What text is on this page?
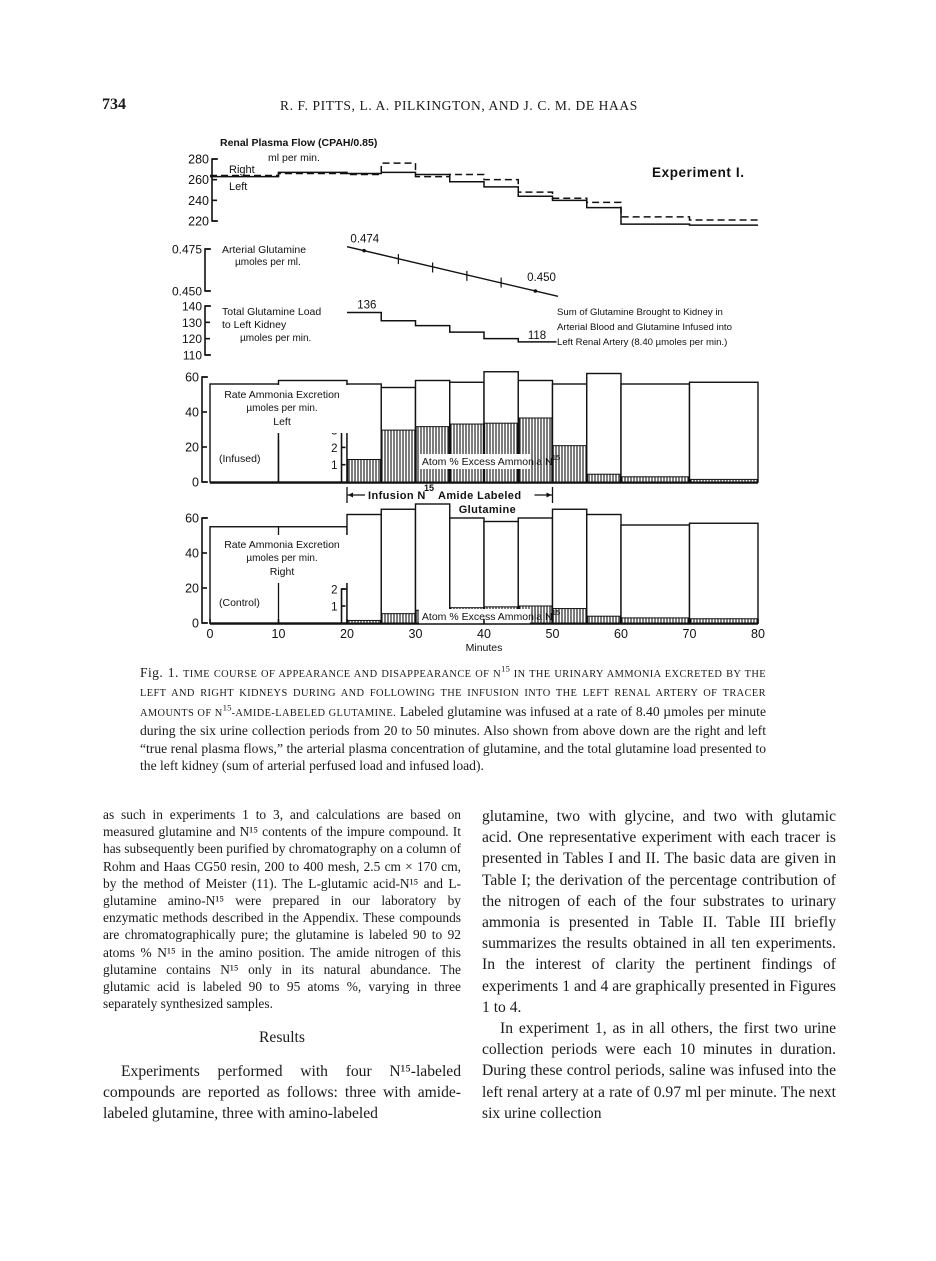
734	R. F. PITTS, L. A. PILKINGTON, AND J. C. M. DE HAAS
220
240
260
280
Renal Plasma Flow (CPAH/0.85)
ml per min.
Right
Left
0.450
0.475 Arterial Glutamine
µmoles per ml.
0.474
0.450
110
120
130
140 Total Glutamine Load
to Left Kidney
µmoles per min.
136
118
Sum of Glutamine Brought to Kidney in
Arterial Blood and Glutamine Infused into
Left Renal Artery (8.40 µmoles per min.)
0
20
40
60
1
2
Rate Ammonia Excretion
µmoles per min.
Left
(Infused)	Atom % Excess Ammonia N 15
0
20
40
60
1
2
Rate Ammonia Excretion
µmoles per min.
Right
(Control)
Atom % Excess Ammonia N 15
0	10	20	30	40	50	60	70	80
Minutes
Experiment I.
Infusion N
15
Amide Labeled
Glutamine
Fig. 1. TIME COURSE OF APPEARANCE AND DISAPPEARANCE OF $N^{15}$ IN THE URINARY AMMONIA EXCRETED BY THE LEFT AND RIGHT KIDNEYS DURING AND FOLLOWING THE INFUSION INTO THE LEFT RENAL ARTERY OF TRACER AMOUNTS OF $N^{15}-AMIDE$-LABELED GLUTAMINE. Labeled glutamine was infused at a rate of 8.40 µmoles per minute during the six urine collection periods from 20 to 50 minutes. Also shown from above down are the right and left “true renal plasma flows,” the arterial plasma concentration of glutamine, and the total glutamine load presented to the left kidney (sum of arterial perfused load and infused load).

as such in experiments 1 to 3, and calculations are based on measured glutamine and N¹⁵ contents of the impure compound. It has subsequently been purified by chromatography on a column of Rohm and Haas CG50 resin, 200 to 400 mesh, 2.5 cm × 170 cm, by the method of Meister (11). The L-glutamic acid-N¹⁵ and L-glutamine amino-N¹⁵ were prepared in our laboratory by enzymatic methods described in the Appendix. These compounds are chromatographically pure; the glutamine is labeled 90 to 92 atoms % N¹⁵ in the amino position. The amide nitrogen of this glutamine contains N¹⁵ only in its natural abundance. The glutamic acid is labeled 90 to 95 atoms %, varying in three separately synthesized samples.

Results

Experiments performed with four N¹⁵-labeled compounds are reported as follows: three with amide-labeled glutamine, three with amino-labeled

glutamine, two with glycine, and two with glutamic acid. One representative experiment with each tracer is presented in Tables I and II. The basic data are given in Table I; the derivation of the percentage contribution of the nitrogen of each of the four substrates to urinary ammonia is presented in Table II. Table III briefly summarizes the results obtained in all ten experiments. In the interest of clarity the pertinent findings of experiments 1 and 4 are graphically presented in Figures 1 to 4.

In experiment 1, as in all others, the first two urine collection periods were each 10 minutes in duration. During these control periods, saline was infused into the left renal artery at a rate of 0.97 ml per minute. The next six urine collection
